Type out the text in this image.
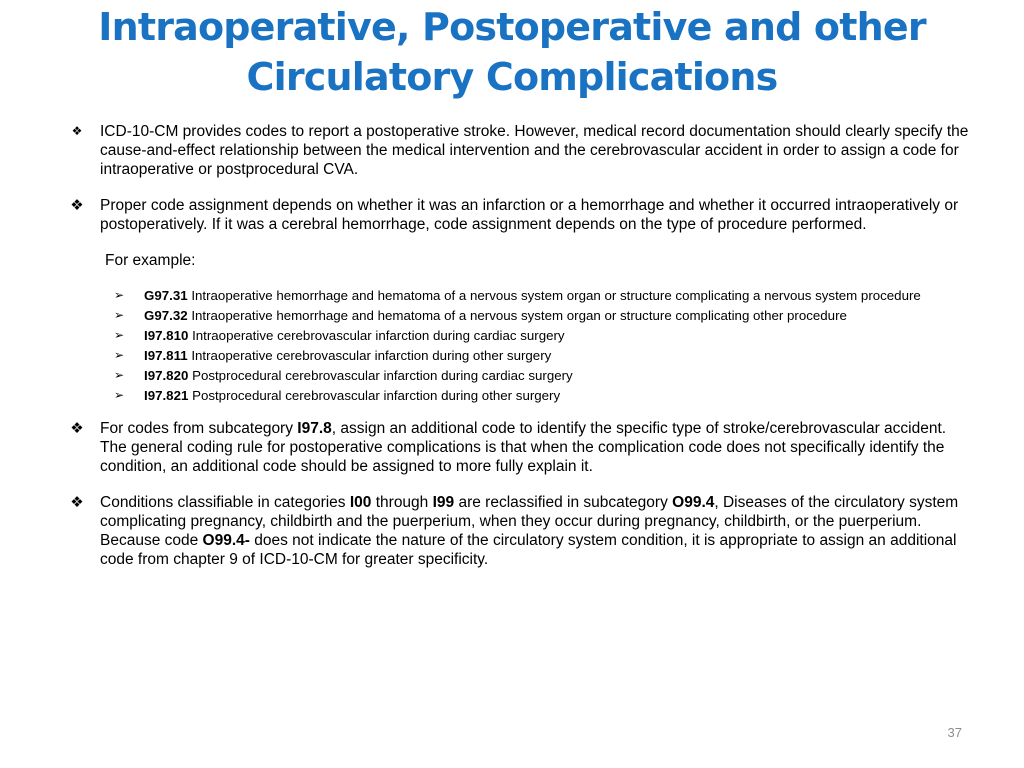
Intraoperative, Postoperative and other Circulatory Complications
❖	ICD-10-CM provides codes to report a postoperative stroke. However, medical record documentation should clearly specify the cause-and-effect relationship between the medical intervention and the cerebrovascular accident in order to assign a code for intraoperative or postprocedural CVA.
❖	Proper code assignment depends on whether it was an infarction or a hemorrhage and whether it occurred intraoperatively or postoperatively. If it was a cerebral hemorrhage, code assignment depends on the type of procedure performed.
For example:
➢ G97.31 Intraoperative hemorrhage and hematoma of a nervous system organ or structure complicating a nervous system procedure
➢ G97.32 Intraoperative hemorrhage and hematoma of a nervous system organ or structure complicating other procedure
➢ I97.810 Intraoperative cerebrovascular infarction during cardiac surgery
➢ I97.811 Intraoperative cerebrovascular infarction during other surgery
➢ I97.820 Postprocedural cerebrovascular infarction during cardiac surgery
➢ I97.821 Postprocedural cerebrovascular infarction during other surgery
❖	For codes from subcategory I97.8, assign an additional code to identify the specific type of stroke/cerebrovascular accident. The general coding rule for postoperative complications is that when the complication code does not specifically identify the condition, an additional code should be assigned to more fully explain it.
❖	Conditions classifiable in categories I00 through I99 are reclassified in subcategory O99.4, Diseases of the circulatory system complicating pregnancy, childbirth and the puerperium, when they occur during pregnancy, childbirth, or the puerperium. Because code O99.4- does not indicate the nature of the circulatory system condition, it is appropriate to assign an additional code from chapter 9 of ICD-10-CM for greater specificity.
37
